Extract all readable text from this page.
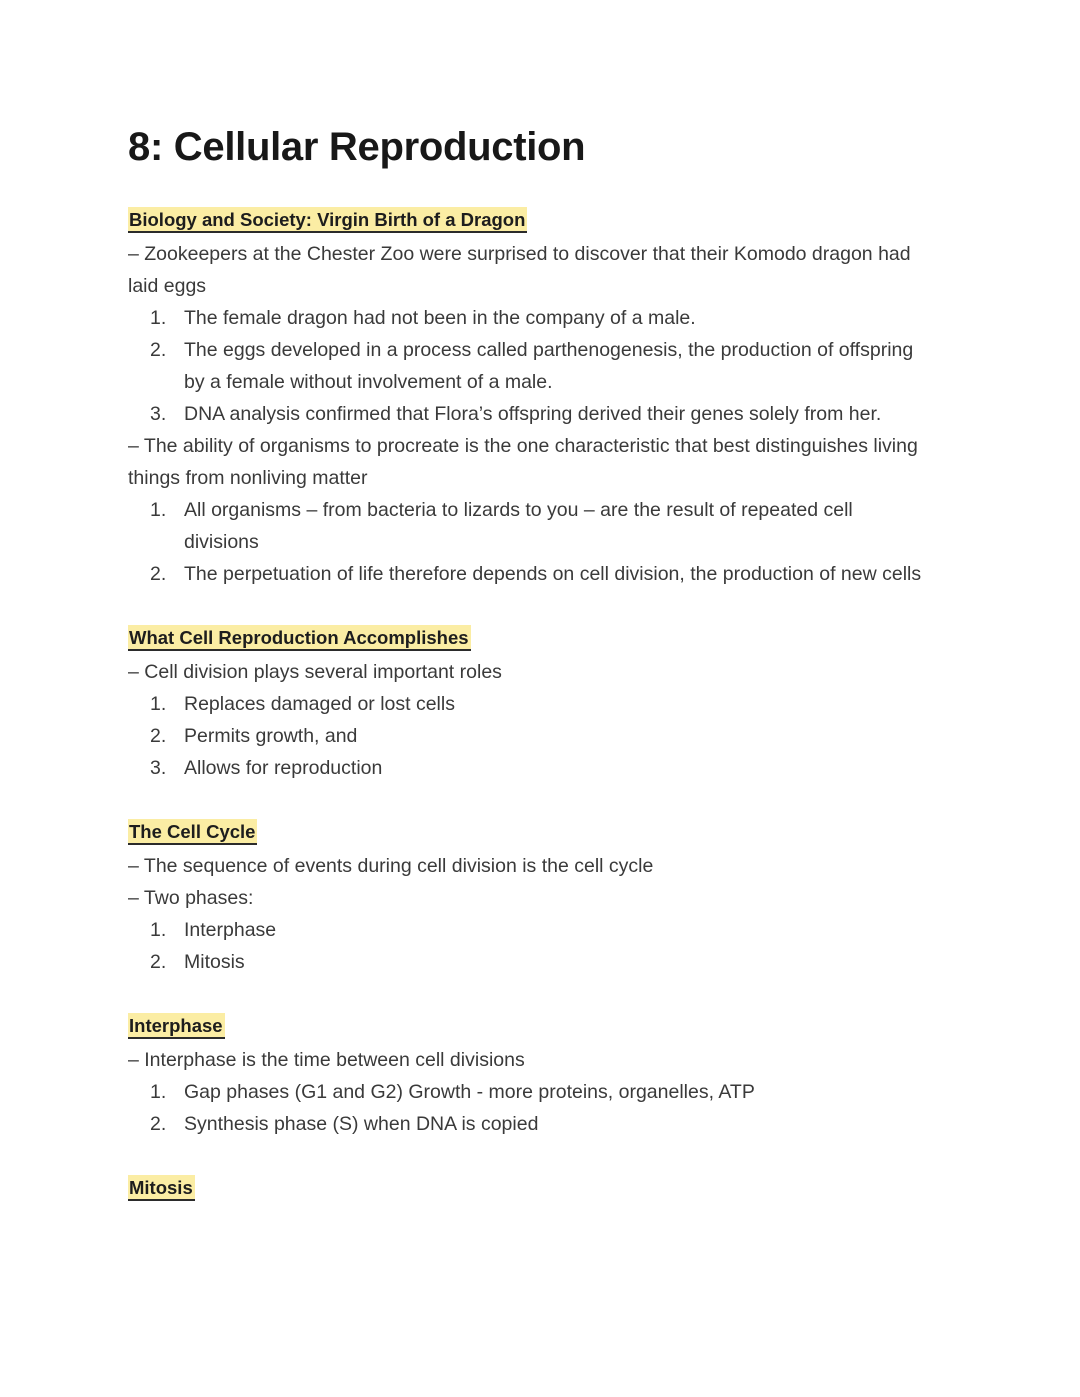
8: Cellular Reproduction
Biology and Society: Virgin Birth of a Dragon

– Zookeepers at the Chester Zoo were surprised to discover that their Komodo dragon had laid eggs

1. The female dragon had not been in the company of a male.
2. The eggs developed in a process called parthenogenesis, the production of offspring by a female without involvement of a male.
3. DNA analysis confirmed that Flora’s offspring derived their genes solely from her.

– The ability of organisms to procreate is the one characteristic that best distinguishes living things from nonliving matter

1. All organisms – from bacteria to lizards to you – are the result of repeated cell divisions
2. The perpetuation of life therefore depends on cell division, the production of new cells
What Cell Reproduction Accomplishes

– Cell division plays several important roles

1. Replaces damaged or lost cells
2. Permits growth, and
3. Allows for reproduction
The Cell Cycle

– The sequence of events during cell division is the cell cycle

– Two phases:

1. Interphase
2. Mitosis
Interphase

– Interphase is the time between cell divisions

1. Gap phases (G1 and G2) Growth - more proteins, organelles, ATP
2. Synthesis phase (S) when DNA is copied
Mitosis
